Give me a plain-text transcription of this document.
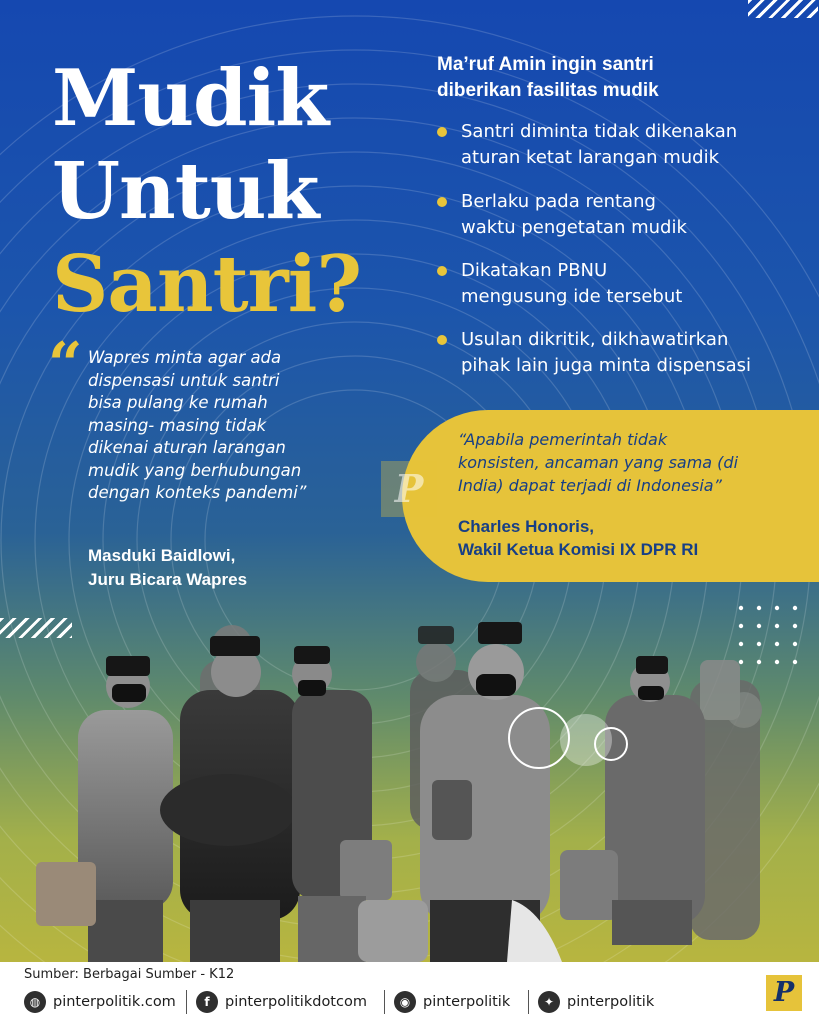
Mudik
Untuk
Santri?
Ma’ruf Amin ingin santri
diberikan fasilitas mudik
Santri diminta tidak dikenakan
aturan ketat larangan mudik
Berlaku pada rentang
waktu pengetatan mudik
Dikatakan PBNU
mengusung ide tersebut
Usulan dikritik, dikhawatirkan
pihak lain juga minta dispensasi
“ Wapres minta agar ada
dispensasi untuk santri
bisa pulang ke rumah
masing- masing tidak
dikenai aturan larangan
mudik yang berhubungan
dengan konteks pandemi”
Masduki Baidlowi,
Juru Bicara Wapres
P
“Apabila pemerintah tidak
konsisten, ancaman yang sama (di
India) dapat terjadi di Indonesia”
Charles Honoris,
Wakil Ketua Komisi IX DPR RI
Sumber: Berbagai Sumber - K12
◍ pinterpolitik.com	f	pinterpolitikdotcom	◉ pinterpolitik	✦ pinterpolitik	P
